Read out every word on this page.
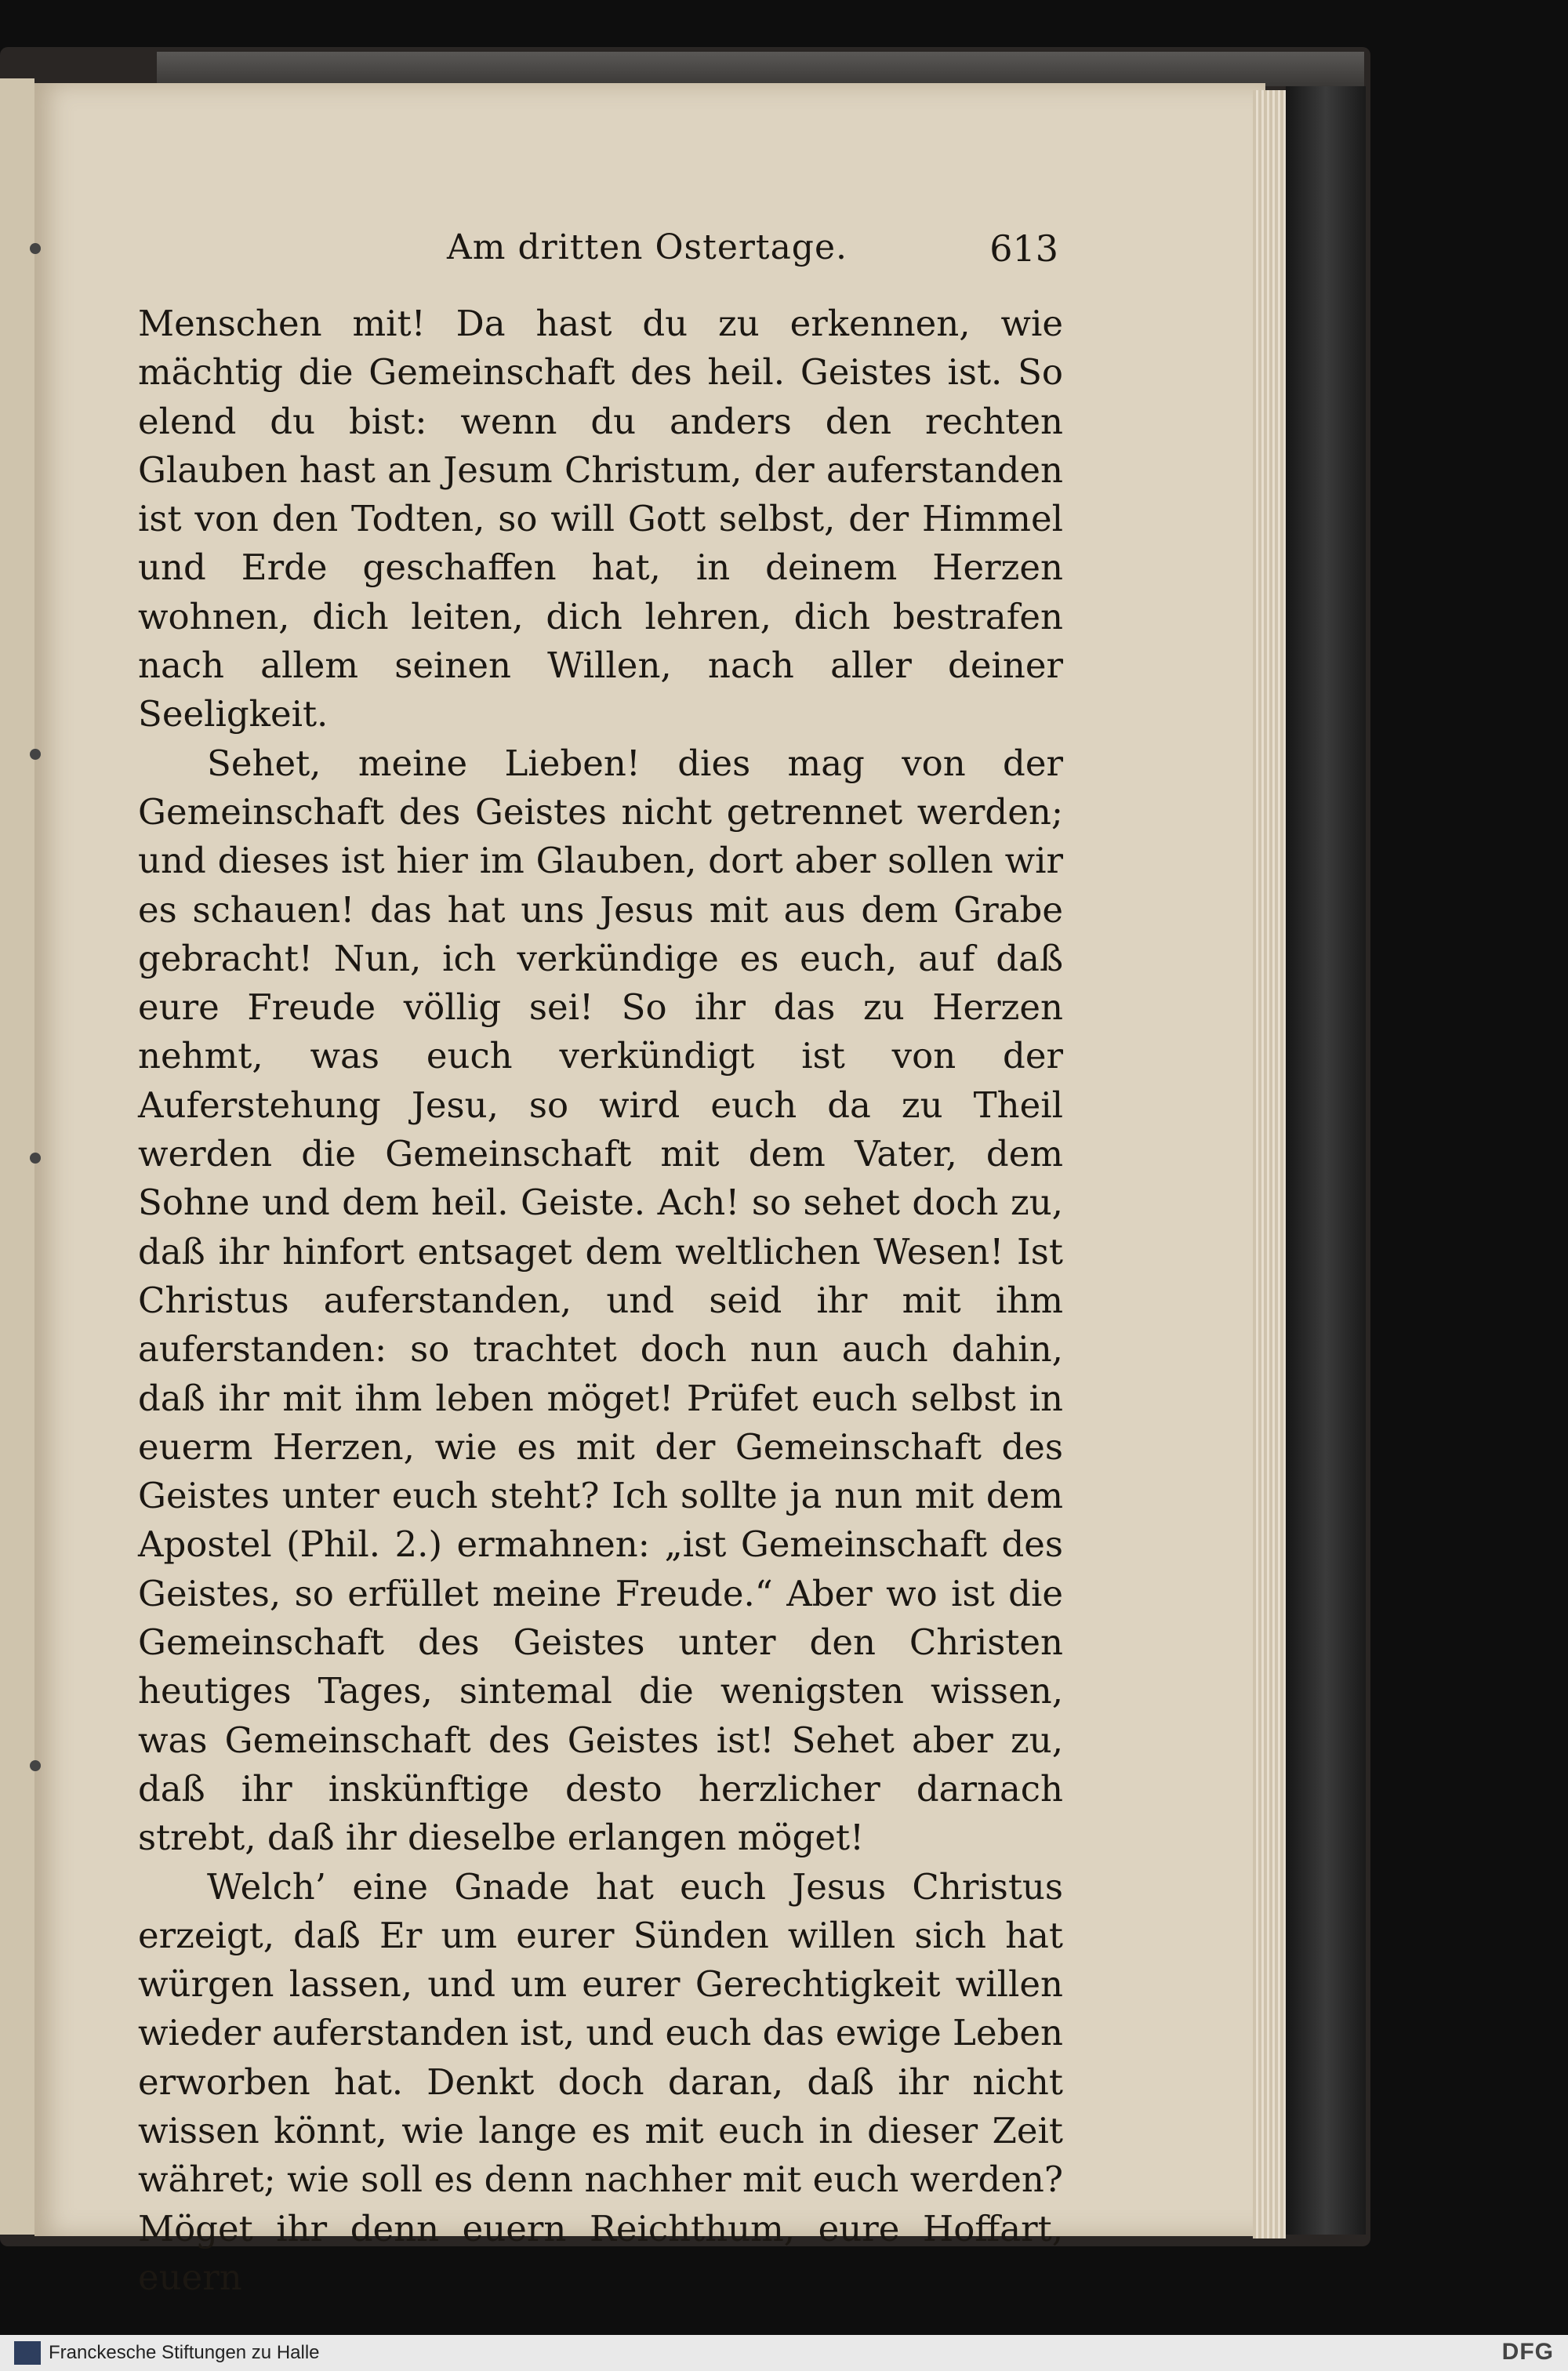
Am dritten Ostertage.	613

Menschen mit! Da hast du zu erkennen, wie mächtig die Gemeinschaft des heil. Geistes ist. So elend du bist: wenn du anders den rechten Glauben hast an Jesum Christum, der auferstanden ist von den Todten, so will Gott selbst, der Himmel und Erde geschaffen hat, in deinem Herzen wohnen, dich leiten, dich lehren, dich bestrafen nach allem seinen Willen, nach aller deiner Seeligkeit.

Sehet, meine Lieben! dies mag von der Gemeinschaft des Geistes nicht getrennet werden; und dieses ist hier im Glauben, dort aber sollen wir es schauen! das hat uns Jesus mit aus dem Grabe gebracht! Nun, ich verkündige es euch, auf daß eure Freude völlig sei! So ihr das zu Herzen nehmt, was euch verkündigt ist von der Auferstehung Jesu, so wird euch da zu Theil werden die Gemeinschaft mit dem Vater, dem Sohne und dem heil. Geiste. Ach! so sehet doch zu, daß ihr hinfort entsaget dem weltlichen Wesen! Ist Christus auferstanden, und seid ihr mit ihm auferstanden: so trachtet doch nun auch dahin, daß ihr mit ihm leben möget! Prüfet euch selbst in euerm Herzen, wie es mit der Gemeinschaft des Geistes unter euch steht? Ich sollte ja nun mit dem Apostel (Phil. 2.) ermahnen: „ist Gemeinschaft des Geistes, so erfüllet meine Freude.“ Aber wo ist die Gemeinschaft des Geistes unter den Christen heutiges Tages, sintemal die wenigsten wissen, was Gemeinschaft des Geistes ist! Sehet aber zu, daß ihr inskünftige desto herzlicher darnach strebt, daß ihr dieselbe erlangen möget!

Welch’ eine Gnade hat euch Jesus Christus erzeigt, daß Er um eurer Sünden willen sich hat würgen lassen, und um eurer Gerechtigkeit willen wieder auferstanden ist, und euch das ewige Leben erworben hat. Denkt doch daran, daß ihr nicht wissen könnt, wie lange es mit euch in dieser Zeit währet; wie soll es denn nachher mit euch werden? Möget ihr denn euern Reichthum, eure Hoffart, euern

Franckesche Stiftungen zu Halle	DFG
